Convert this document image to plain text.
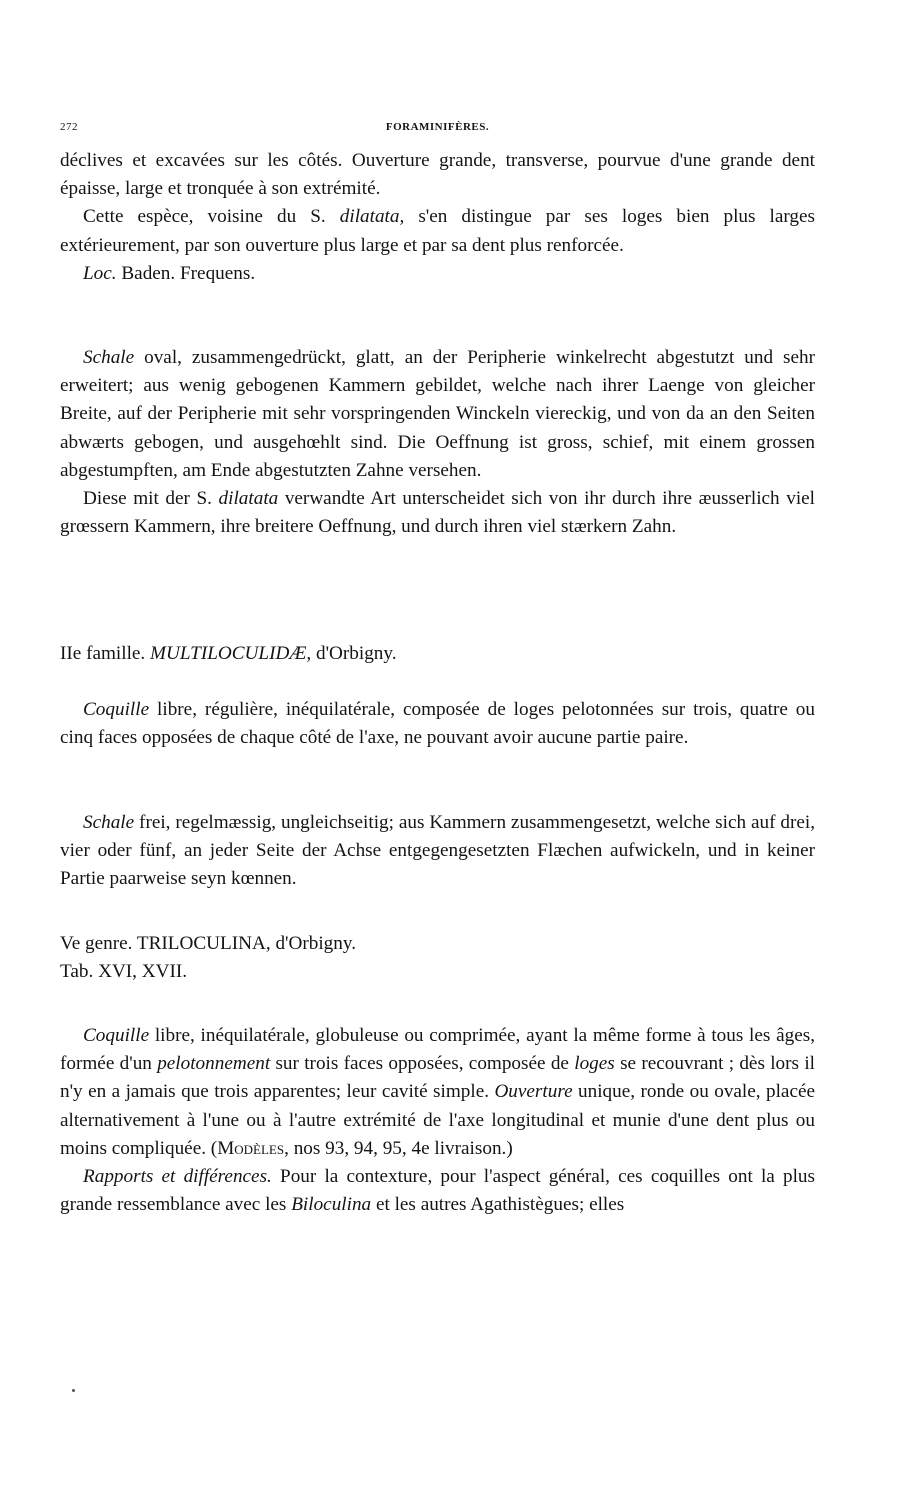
272	FORAMINIFÈRES.

déclives et excavées sur les côtés. Ouverture grande, transverse, pourvue d'une grande dent épaisse, large et tronquée à son extrémité.

Cette espèce, voisine du S. dilatata, s'en distingue par ses loges bien plus larges extérieurement, par son ouverture plus large et par sa dent plus renforcée.

Loc. Baden. Frequens.

Schale oval, zusammengedrückt, glatt, an der Peripherie winkelrecht abgestutzt und sehr erweitert; aus wenig gebogenen Kammern gebildet, welche nach ihrer Laenge von gleicher Breite, auf der Peripherie mit sehr vorspringenden Winckeln viereckig, und von da an den Seiten abwærts gebogen, und ausgehœhlt sind. Die Oeffnung ist gross, schief, mit einem grossen abgestumpften, am Ende abgestutzten Zahne versehen.

Diese mit der S. dilatata verwandte Art unterscheidet sich von ihr durch ihre æusserlich viel grœssern Kammern, ihre breitere Oeffnung, und durch ihren viel stærkern Zahn.

IIe famille. MULTILOCULIDÆ, d'Orbigny.

Coquille libre, régulière, inéquilatérale, composée de loges pelotonnées sur trois, quatre ou cinq faces opposées de chaque côté de l'axe, ne pouvant avoir aucune partie paire.

Schale frei, regelmæssig, ungleichseitig; aus Kammern zusammengesetzt, welche sich auf drei, vier oder fünf, an jeder Seite der Achse entgegengesetzten Flæchen aufwickeln, und in keiner Partie paarweise seyn kœnnen.

Ve genre. TRILOCULINA, d'Orbigny.

Tab. XVI, XVII.

Coquille libre, inéquilatérale, globuleuse ou comprimée, ayant la même forme à tous les âges, formée d'un pelotonnement sur trois faces opposées, composée de loges se recouvrant ; dès lors il n'y en a jamais que trois apparentes; leur cavité simple. Ouverture unique, ronde ou ovale, placée alternativement à l'une ou à l'autre extrémité de l'axe longitudinal et munie d'une dent plus ou moins compliquée. (Modèles, nos 93, 94, 95, 4e livraison.)

Rapports et différences. Pour la contexture, pour l'aspect général, ces coquilles ont la plus grande ressemblance avec les Biloculina et les autres Agathistègues; elles
